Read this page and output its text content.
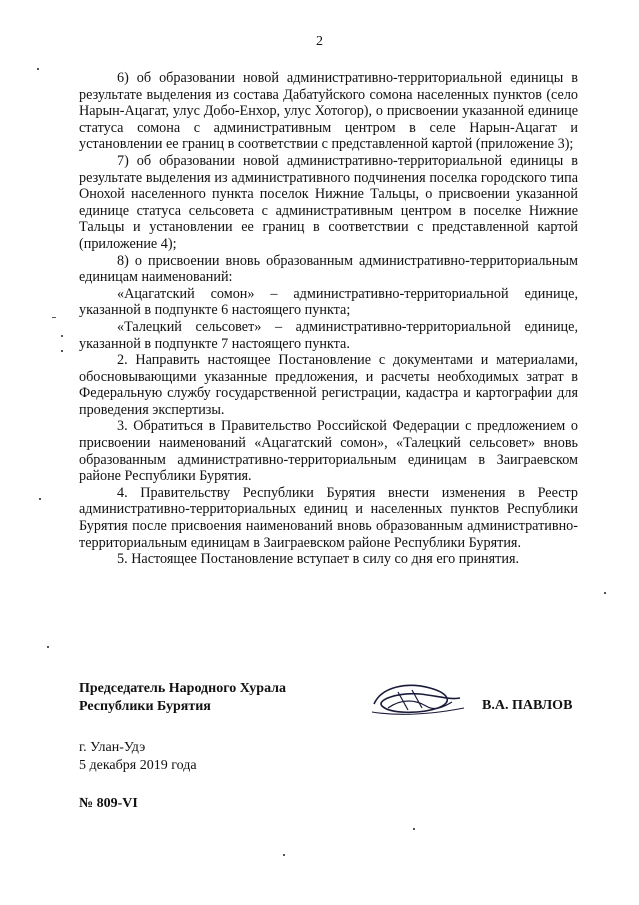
2

6) об образовании новой административно-территориальной единицы в результате выделения из состава Дабатуйского сомона населенных пунктов (село Нарын-Ацагат, улус Добо-Енхор, улус Хотогор), о присвоении указанной единице статуса сомона с административным центром в селе Нарын-Ацагат и установлении ее границ в соответствии с представленной картой (приложение 3);

7) об образовании новой административно-территориальной единицы в результате выделения из административного подчинения поселка городского типа Онохой населенного пункта поселок Нижние Тальцы, о присвоении указанной единице статуса сельсовета с административным центром в поселке Нижние Тальцы и установлении ее границ в соответствии с представленной картой (приложение 4);

8) о присвоении вновь образованным административно-территориальным единицам наименований:

«Ацагатский сомон» – административно-территориальной единице, указанной в подпункте 6 настоящего пункта;

«Талецкий сельсовет» – административно-территориальной единице, указанной в подпункте 7 настоящего пункта.

2. Направить настоящее Постановление с документами и материалами, обосновывающими указанные предложения, и расчеты необходимых затрат в Федеральную службу государственной регистрации, кадастра и картографии для проведения экспертизы.

3. Обратиться в Правительство Российской Федерации с предложением о присвоении наименований «Ацагатский сомон», «Талецкий сельсовет» вновь образованным административно-территориальным единицам в Заиграевском районе Республики Бурятия.

4. Правительству Республики Бурятия внести изменения в Реестр административно-территориальных единиц и населенных пунктов Республики Бурятия после присвоения наименований вновь образованным административно-территориальным единицам в Заиграевском районе Республики Бурятия.

5. Настоящее Постановление вступает в силу со дня его принятия.

Председатель Народного Хурала
Республики Бурятия	В.А. ПАВЛОВ
г. Улан-Удэ
5 декабря 2019 года
№ 809-VI
